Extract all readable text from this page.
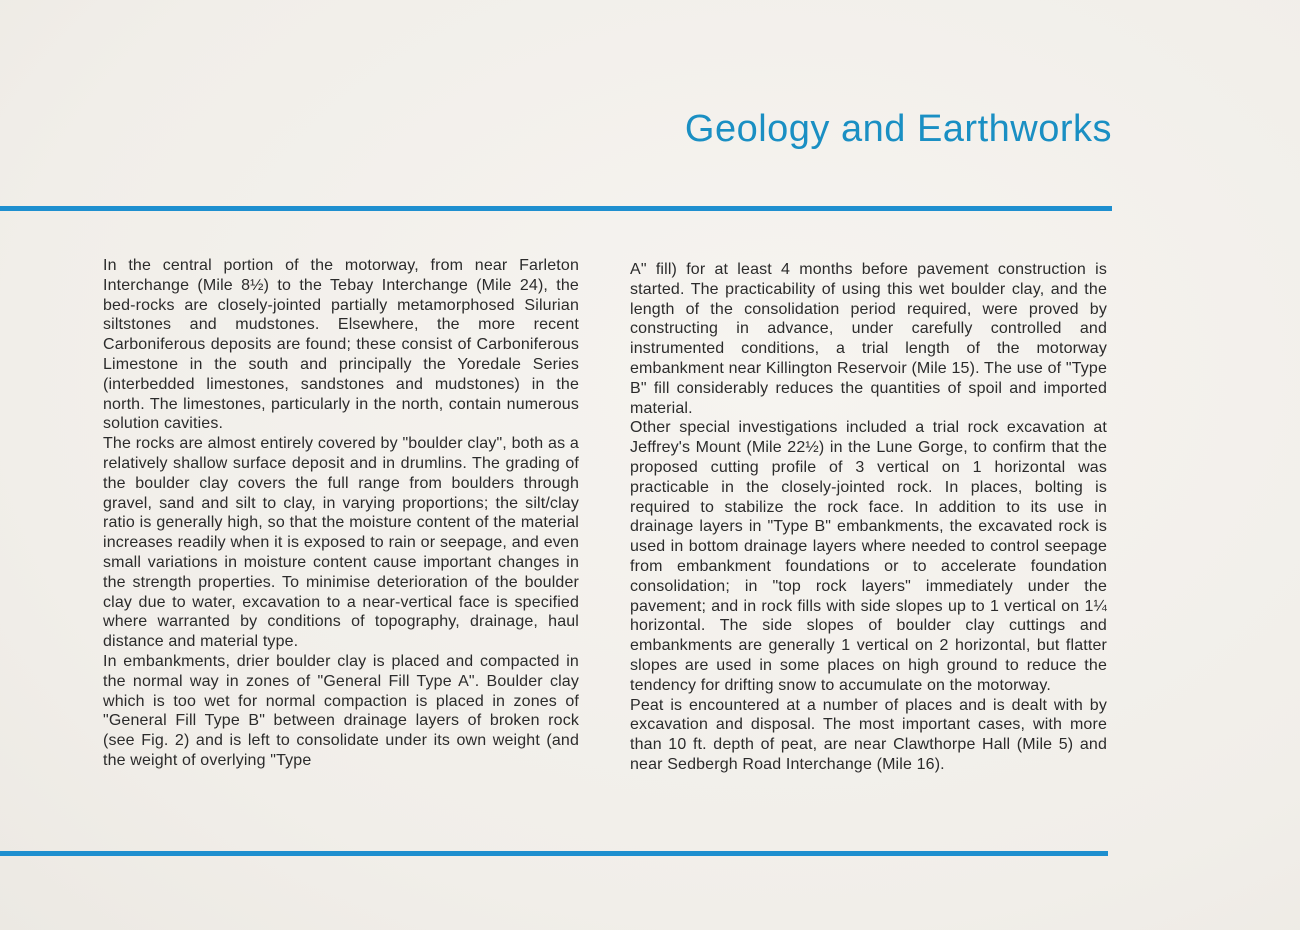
Geology and Earthworks

In the central portion of the motorway, from near Farleton Interchange (Mile 8½) to the Tebay Interchange (Mile 24), the bed-rocks are closely-jointed partially metamorphosed Silurian siltstones and mudstones. Elsewhere, the more recent Carboniferous deposits are found; these consist of Carboniferous Limestone in the south and principally the Yoredale Series (interbedded limestones, sandstones and mudstones) in the north. The limestones, particularly in the north, contain numerous solution cavities.

The rocks are almost entirely covered by "boulder clay", both as a relatively shallow surface deposit and in drumlins. The grading of the boulder clay covers the full range from boulders through gravel, sand and silt to clay, in varying proportions; the silt/clay ratio is generally high, so that the moisture content of the material increases readily when it is exposed to rain or seepage, and even small variations in moisture content cause important changes in the strength properties. To minimise deterioration of the boulder clay due to water, excavation to a near-vertical face is specified where warranted by conditions of topography, drainage, haul distance and material type.

In embankments, drier boulder clay is placed and compacted in the normal way in zones of "General Fill Type A". Boulder clay which is too wet for normal compaction is placed in zones of "General Fill Type B" between drainage layers of broken rock (see Fig. 2) and is left to consolidate under its own weight (and the weight of overlying "Type

A" fill) for at least 4 months before pavement construction is started. The practicability of using this wet boulder clay, and the length of the consolidation period required, were proved by constructing in advance, under carefully controlled and instrumented conditions, a trial length of the motorway embankment near Killington Reservoir (Mile 15). The use of "Type B" fill considerably reduces the quantities of spoil and imported material.

Other special investigations included a trial rock excavation at Jeffrey's Mount (Mile 22½) in the Lune Gorge, to confirm that the proposed cutting profile of 3 vertical on 1 horizontal was practicable in the closely-jointed rock. In places, bolting is required to stabilize the rock face. In addition to its use in drainage layers in "Type B" embankments, the excavated rock is used in bottom drainage layers where needed to control seepage from embankment foundations or to accelerate foundation consolidation; in "top rock layers" immediately under the pavement; and in rock fills with side slopes up to 1 vertical on 1¼ horizontal. The side slopes of boulder clay cuttings and embankments are generally 1 vertical on 2 horizontal, but flatter slopes are used in some places on high ground to reduce the tendency for drifting snow to accumulate on the motorway.

Peat is encountered at a number of places and is dealt with by excavation and disposal. The most important cases, with more than 10 ft. depth of peat, are near Clawthorpe Hall (Mile 5) and near Sedbergh Road Interchange (Mile 16).
